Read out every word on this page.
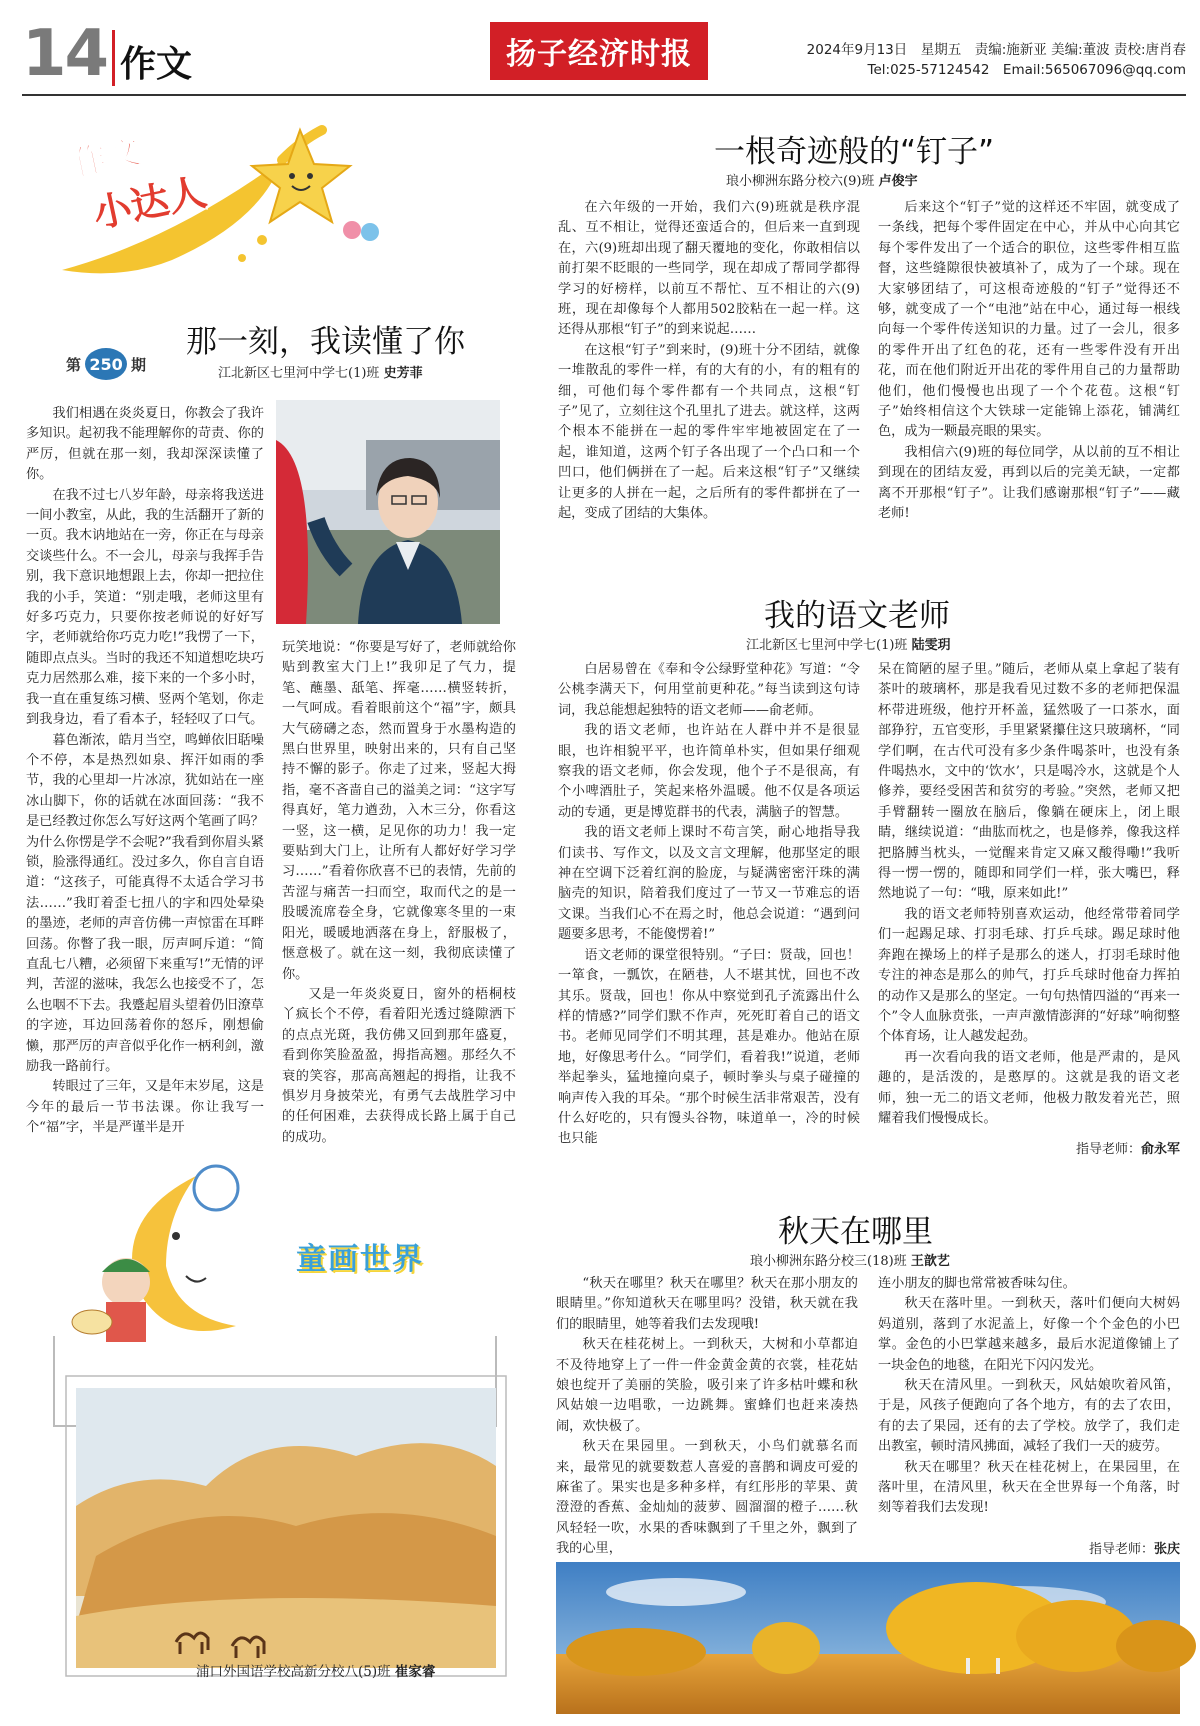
14 作文	扬子经济时报	2024年9月13日　星期五　责编:施新亚 美编:董波 责校:唐肖春
Tel:025-57124542　Email:565067096@qq.com
作文
小达人
第 250 期
那一刻，我读懂了你
江北新区七里河中学七(1)班 史芳菲

我们相遇在炎炎夏日，你教会了我许多知识。起初我不能理解你的苛责、你的严厉，但就在那一刻，我却深深读懂了你。

在我不过七八岁年龄，母亲将我送进一间小教室，从此，我的生活翻开了新的一页。我木讷地站在一旁，你正在与母亲交谈些什么。不一会儿，母亲与我挥手告别，我下意识地想跟上去，你却一把拉住我的小手，笑道：“别走哦，老师这里有好多巧克力，只要你按老师说的好好写字，老师就给你巧克力吃!”我愣了一下，随即点点头。当时的我还不知道想吃块巧克力居然那么难，接下来的一个多小时，我一直在重复练习横、竖两个笔划，你走到我身边，看了看本子，轻轻叹了口气。

暮色渐浓，皓月当空，鸣蝉依旧聒噪个不停，本是热烈如泉、挥汗如雨的季节，我的心里却一片冰凉，犹如站在一座冰山脚下，你的话就在冰面回荡：“我不是已经教过你怎么写好这两个笔画了吗？为什么你愣是学不会呢?”我看到你眉头紧锁，脸涨得通红。没过多久，你自言自语道：“这孩子，可能真得不太适合学习书法……”我盯着歪七扭八的字和四处晕染的墨迹，老师的声音仿佛一声惊雷在耳畔回荡。你瞥了我一眼，厉声呵斥道：“简直乱七八糟，必须留下来重写!”无情的评判，苦涩的滋味，我怎么也接受不了，怎么也咽不下去。我蹙起眉头望着仍旧潦草的字迹，耳边回荡着你的怒斥，刚想偷懒，那严厉的声音似乎化作一柄利剑，激励我一路前行。

转眼过了三年，又是年末岁尾，这是今年的最后一节书法课。你让我写一个“福”字，半是严谨半是开

玩笑地说：“你要是写好了，老师就给你贴到教室大门上!”我卯足了气力，提笔、蘸墨、舐笔、挥毫……横竖转折，一气呵成。看着眼前这个“福”字，颇具大气磅礴之态，然而置身于水墨构造的黑白世界里，映射出来的，只有自己坚持不懈的影子。你走了过来，竖起大拇指，毫不吝啬自己的溢美之词：“这字写得真好，笔力遒劲，入木三分，你看这一竖，这一横，足见你的功力！我一定要贴到大门上，让所有人都好好学习学习……”看着你欣喜不已的表情，先前的苦涩与痛苦一扫而空，取而代之的是一股暖流席卷全身，它就像寒冬里的一束阳光，暖暖地洒落在身上，舒服极了，惬意极了。就在这一刻，我彻底读懂了你。

又是一年炎炎夏日，窗外的梧桐枝丫疯长个不停，看着阳光透过缝隙洒下的点点光斑，我仿佛又回到那年盛夏，看到你笑脸盈盈，拇指高翘。那经久不衰的笑容，那高高翘起的拇指，让我不惧岁月身披荣光，有勇气去战胜学习中的任何困难，去获得成长路上属于自己的成功。

一根奇迹般的“钉子”
琅小柳洲东路分校六(9)班 卢俊宇

在六年级的一开始，我们六(9)班就是秩序混乱、互不相让，觉得还蛮适合的，但后来一直到现在，六(9)班却出现了翻天覆地的变化，你敢相信以前打架不眨眼的一些同学，现在却成了帮同学都得学习的好榜样，以前互不帮忙、互不相让的六(9)班，现在却像每个人都用502胶粘在一起一样。这还得从那根“钉子”的到来说起……

在这根“钉子”到来时，(9)班十分不团结，就像一堆散乱的零件一样，有的大有的小，有的粗有的细，可他们每个零件都有一个共同点，这根“钉子”见了，立刻往这个孔里扎了进去。就这样，这两个根本不能拼在一起的零件牢牢地被固定在了一起，谁知道，这两个钉子各出现了一个凸口和一个凹口，他们俩拼在了一起。后来这根“钉子”又继续让更多的人拼在一起，之后所有的零件都拼在了一起，变成了团结的大集体。

后来这个“钉子”觉的这样还不牢固，就变成了一条线，把每个零件固定在中心，并从中心向其它每个零件发出了一个适合的职位，这些零件相互监督，这些缝隙很快被填补了，成为了一个球。现在大家够团结了，可这根奇迹般的“钉子”觉得还不够，就变成了一个“电池”站在中心，通过每一根线向每一个零件传送知识的力量。过了一会儿，很多的零件开出了红色的花，还有一些零件没有开出花，而在他们附近开出花的零件用自己的力量帮助他们，他们慢慢也出现了一个个花苞。这根“钉子”始终相信这个大铁球一定能锦上添花，铺满红色，成为一颗最亮眼的果实。

我相信六(9)班的每位同学，从以前的互不相让到现在的团结友爱，再到以后的完美无缺，一定都离不开那根“钉子”。让我们感谢那根“钉子”——藏老师!

我的语文老师
江北新区七里河中学七(1)班 陆雯玥

白居易曾在《奉和令公绿野堂种花》写道：“令公桃李满天下，何用堂前更种花。”每当读到这句诗词，我总能想起独特的语文老师——俞老师。

我的语文老师，也许站在人群中并不是很显眼，也许相貌平平，也许简单朴实，但如果仔细观察我的语文老师，你会发现，他个子不是很高，有个小啤酒肚子，笑起来格外温暖。他不仅是各项运动的专通，更是博览群书的代表，满脑子的智慧。

我的语文老师上课时不苟言笑，耐心地指导我们读书、写作文，以及文言文理解，他那坚定的眼神在空调下泛着红润的脸庞，与疑满密密汗珠的满脑壳的知识，陪着我们度过了一节又一节难忘的语文课。当我们心不在焉之时，他总会说道：“遇到问题要多思考，不能傻愣着!”

语文老师的课堂很特别。“子曰：贤哉，回也！一箪食，一瓢饮，在陋巷，人不堪其忧，回也不改其乐。贤哉，回也！你从中察觉到孔子流露出什么样的情感?”同学们默不作声，死死盯着自己的语文书。老师见同学们不明其理，甚是难办。他站在原地，好像思考什么。“同学们，看着我!”说道，老师举起拳头，猛地撞向桌子，顿时拳头与桌子碰撞的响声传入我的耳朵。“那个时候生活非常艰苦，没有什么好吃的，只有馒头谷物，味道单一，冷的时候也只能

呆在简陋的屋子里。”随后，老师从桌上拿起了装有茶叶的玻璃杯，那是我看见过数不多的老师把保温杯带进班级，他拧开杯盖，猛然吸了一口茶水，面部狰狞，五官变形，手里紧紧攥住这只玻璃杯，“同学们啊，在古代可没有多少条件喝茶叶，也没有条件喝热水，文中的‘饮水’，只是喝冷水，这就是个人修养，要经受困苦和贫穷的考验。”突然，老师又把手臂翻转一圈放在脑后，像躺在硬床上，闭上眼睛，继续说道：“曲肱而枕之，也是修养，像我这样把胳膊当枕头，一觉醒来肯定又麻又酸得嘞!”我听得一愣一愣的，随即和同学们一样，张大嘴巴，释然地说了一句：“哦，原来如此!”

我的语文老师特别喜欢运动，他经常带着同学们一起踢足球、打羽毛球、打乒乓球。踢足球时他奔跑在操场上的样子是那么的迷人，打羽毛球时他专注的神态是那么的帅气，打乒乓球时他奋力挥拍的动作又是那么的坚定。一句句热情四溢的“再来一个”令人血脉贲张，一声声激情澎湃的“好球”响彻整个体育场，让人越发起劲。

再一次看向我的语文老师，他是严肃的，是风趣的，是活泼的，是憨厚的。这就是我的语文老师，独一无二的语文老师，他极力散发着光芒，照耀着我们慢慢成长。

指导老师：俞永军
秋天在哪里
琅小柳洲东路分校三(18)班 王歆艺

“秋天在哪里？秋天在哪里？秋天在那小朋友的眼睛里。”你知道秋天在哪里吗？没错，秋天就在我们的眼睛里，她等着我们去发现哦!

秋天在桂花树上。一到秋天，大树和小草都迫不及待地穿上了一件一件金黄金黄的衣裳，桂花姑娘也绽开了美丽的笑脸，吸引来了许多枯叶蝶和秋风姑娘一边唱歌，一边跳舞。蜜蜂们也赶来凑热闹，欢快极了。

秋天在果园里。一到秋天，小鸟们就慕名而来，最常见的就要数惹人喜爱的喜鹊和调皮可爱的麻雀了。果实也是多种多样，有红彤彤的苹果、黄澄澄的香蕉、金灿灿的菠萝、圆溜溜的橙子……秋风轻轻一吹，水果的香味飘到了千里之外，飘到了我的心里，

连小朋友的脚也常常被香味勾住。

秋天在落叶里。一到秋天，落叶们便向大树妈妈道别，落到了水泥盖上，好像一个个金色的小巴掌。金色的小巴掌越来越多，最后水泥道像铺上了一块金色的地毯，在阳光下闪闪发光。

秋天在清风里。一到秋天，风姑娘吹着风笛，于是，风孩子便跑向了各个地方，有的去了农田，有的去了果园，还有的去了学校。放学了，我们走出教室，顿时清风拂面，减轻了我们一天的疲劳。

秋天在哪里？秋天在桂花树上，在果园里，在落叶里，在清风里，秋天在全世界每一个角落，时刻等着我们去发现!

指导老师：张庆
童画世界
浦口外国语学校高新分校八(5)班 崔家睿
